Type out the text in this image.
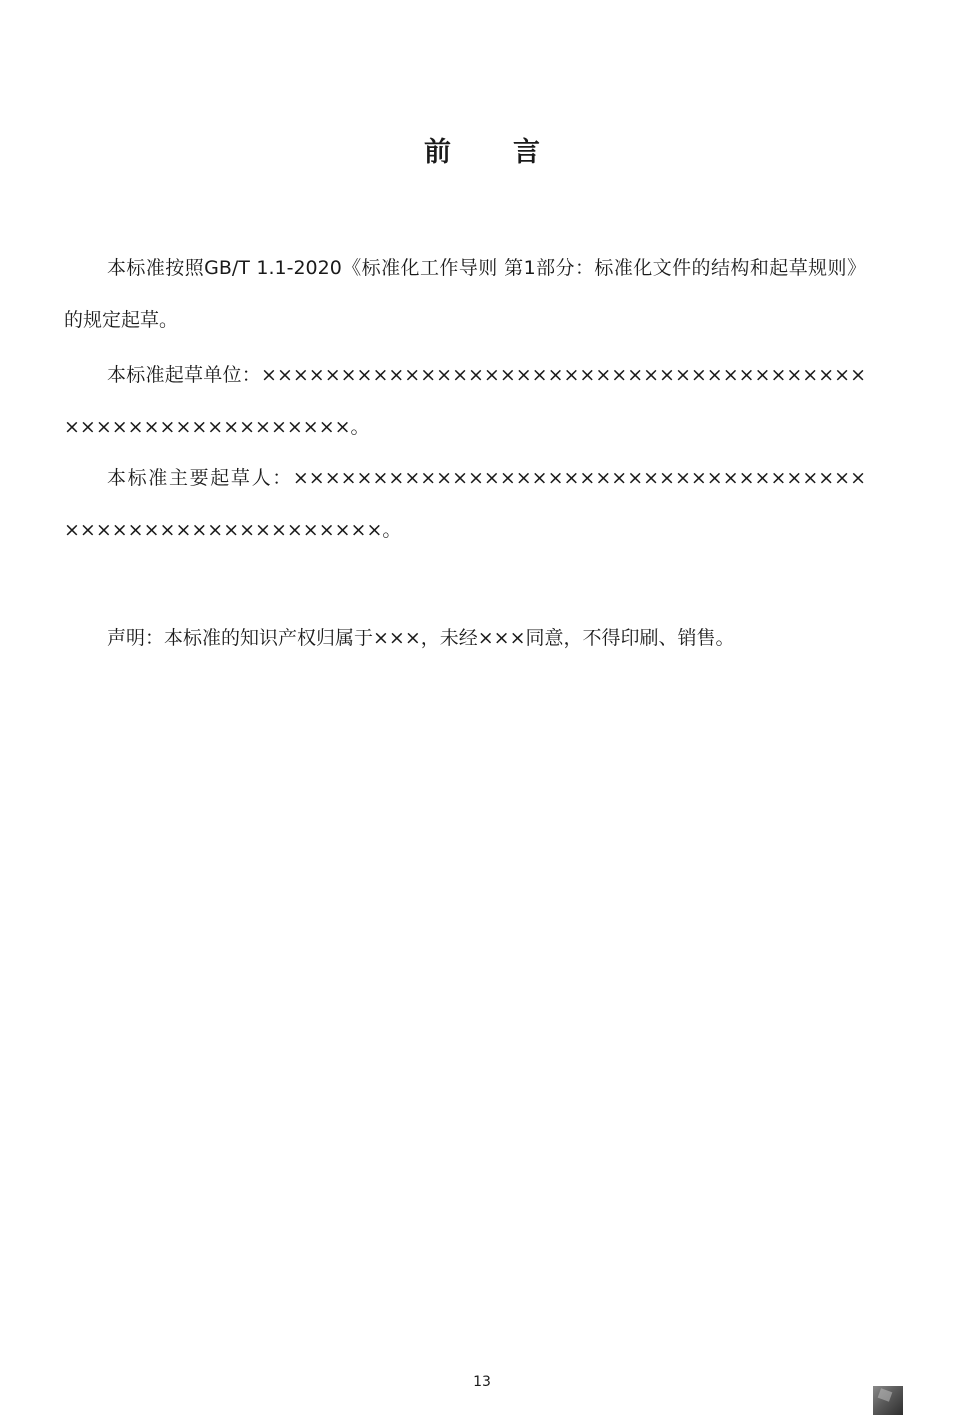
前 言

本标准按照GB/T 1.1-2020《标准化工作导则 第1部分：标准化文件的结构和起草规则》的规定起草。

本标准起草单位：××××××××××××××××××××××××××××××××××××××××××××××××××××××××。

本标准主要起草人：××××××××××××××××××××××××××××××××××××××××××××××××××××××××。

声明：本标准的知识产权归属于×××，未经×××同意，不得印刷、销售。

13
